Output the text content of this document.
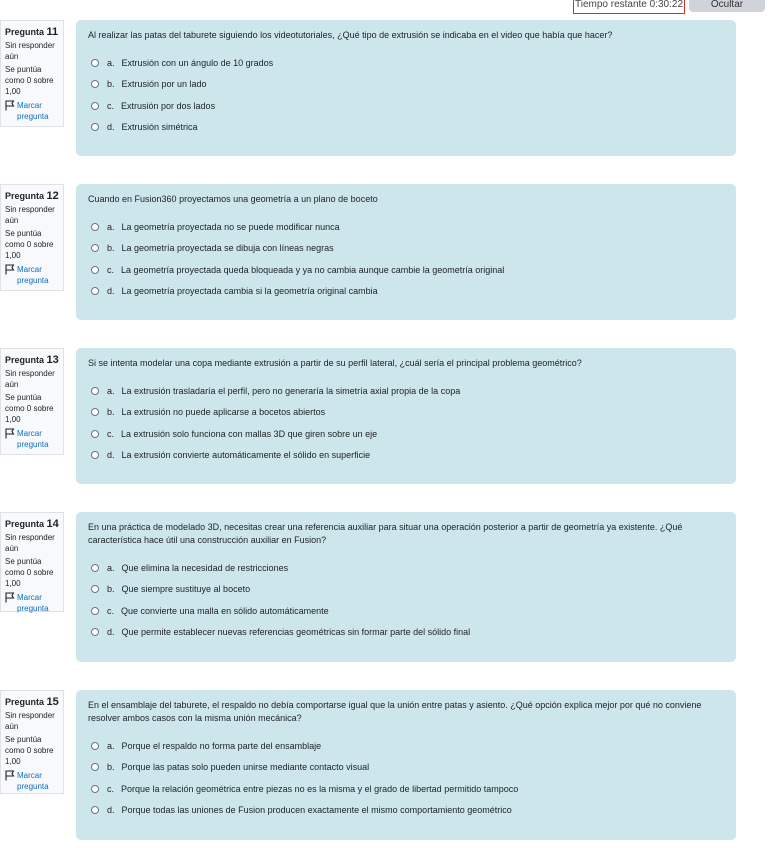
Tiempo restante 0:30:22	Ocultar
Pregunta 11
Sin responder aún
Se puntúa como 0 sobre 1,00
Marcar pregunta
Al realizar las patas del taburete siguiendo los videotutoriales, ¿Qué tipo de extrusión se indicaba en el video que había que hacer?
a. Extrusión con un ángulo de 10 grados
b. Extrusión por un lado
c. Extrusión por dos lados
d. Extrusión simétrica
Pregunta 12
Sin responder aún
Se puntúa como 0 sobre 1,00
Marcar pregunta
Cuando en Fusion360 proyectamos una geometría a un plano de boceto
a. La geometría proyectada no se puede modificar nunca
b. La geometría proyectada se dibuja con líneas negras
c. La geometría proyectada queda bloqueada y ya no cambia aunque cambie la geometría original
d. La geometría proyectada cambia si la geometría original cambia
Pregunta 13
Sin responder aún
Se puntúa como 0 sobre 1,00
Marcar pregunta
Si se intenta modelar una copa mediante extrusión a partir de su perfil lateral, ¿cuál sería el principal problema geométrico?
a. La extrusión trasladaría el perfil, pero no generaría la simetría axial propia de la copa
b. La extrusión no puede aplicarse a bocetos abiertos
c. La extrusión solo funciona con mallas 3D que giren sobre un eje
d. La extrusión convierte automáticamente el sólido en superficie
Pregunta 14
Sin responder aún
Se puntúa como 0 sobre 1,00
Marcar pregunta
En una práctica de modelado 3D, necesitas crear una referencia auxiliar para situar una operación posterior a partir de geometría ya existente. ¿Qué característica hace útil una construcción auxiliar en Fusion?
a. Que elimina la necesidad de restricciones
b. Que siempre sustituye al boceto
c. Que convierte una malla en sólido automáticamente
d. Que permite establecer nuevas referencias geométricas sin formar parte del sólido final
Pregunta 15
Sin responder aún
Se puntúa como 0 sobre 1,00
Marcar pregunta
En el ensamblaje del taburete, el respaldo no debía comportarse igual que la unión entre patas y asiento. ¿Qué opción explica mejor por qué no conviene resolver ambos casos con la misma unión mecánica?
a. Porque el respaldo no forma parte del ensamblaje
b. Porque las patas solo pueden unirse mediante contacto visual
c. Porque la relación geométrica entre piezas no es la misma y el grado de libertad permitido tampoco
d. Porque todas las uniones de Fusion producen exactamente el mismo comportamiento geométrico
